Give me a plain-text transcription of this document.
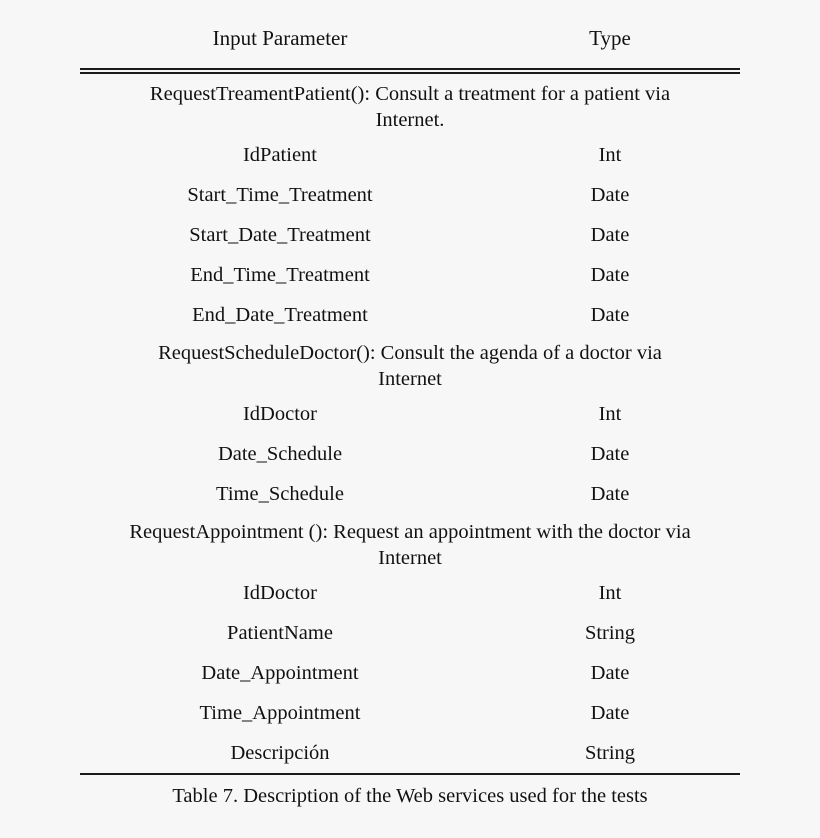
Input Parameter	Type
RequestTreamentPatient(): Consult a treatment for a patient via
Internet.
IdPatient	Int
Start_Time_Treatment	Date
Start_Date_Treatment	Date
End_Time_Treatment	Date
End_Date_Treatment	Date
RequestScheduleDoctor(): Consult the agenda of a doctor via
Internet
IdDoctor	Int
Date_Schedule	Date
Time_Schedule	Date
RequestAppointment (): Request an appointment with the doctor via
Internet
IdDoctor	Int
PatientName	String
Date_Appointment	Date
Time_Appointment	Date
Descripción	String
Table 7. Description of the Web services used for the tests
